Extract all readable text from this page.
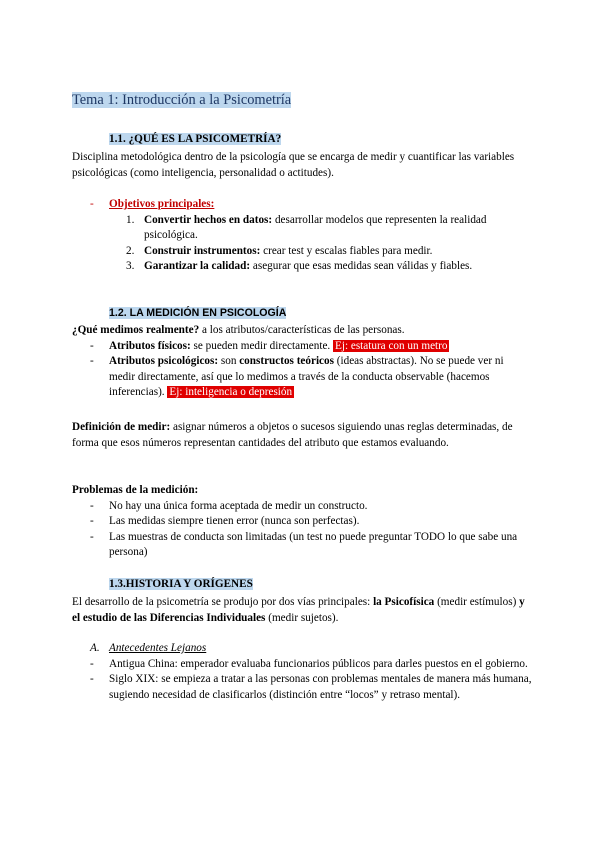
Tema 1: Introducción a la Psicometría
1.1. ¿QUÉ ES LA PSICOMETRÍA?

Disciplina metodológica dentro de la psicología que se encarga de medir y cuantificar las variables psicológicas (como inteligencia, personalidad o actitudes).

- Objetivos principales:
1. Convertir hechos en datos: desarrollar modelos que representen la realidad psicológica.
2. Construir instrumentos: crear test y escalas fiables para medir.
3. Garantizar la calidad: asegurar que esas medidas sean válidas y fiables.
1.2. LA MEDICIÓN EN PSICOLOGÍA

¿Qué medimos realmente? a los atributos/características de las personas.

- Atributos físicos: se pueden medir directamente. Ej: estatura con un metro
- Atributos psicológicos: son constructos teóricos (ideas abstractas). No se puede ver ni medir directamente, así que lo medimos a través de la conducta observable (hacemos inferencias). Ej: inteligencia o depresión

Definición de medir: asignar números a objetos o sucesos siguiendo unas reglas determinadas, de forma que esos números representan cantidades del atributo que estamos evaluando.

Problemas de la medición:

- No hay una única forma aceptada de medir un constructo.
- Las medidas siempre tienen error (nunca son perfectas).
- Las muestras de conducta son limitadas (un test no puede preguntar TODO lo que sabe una persona)
1.3.HISTORIA Y ORÍGENES

El desarrollo de la psicometría se produjo por dos vías principales: la Psicofísica (medir estímulos) y el estudio de las Diferencias Individuales (medir sujetos).

A. Antecedentes Lejanos
- Antigua China: emperador evaluaba funcionarios públicos para darles puestos en el gobierno.
- Siglo XIX: se empieza a tratar a las personas con problemas mentales de manera más humana, sugiendo necesidad de clasificarlos (distinción entre “locos” y retraso mental).
